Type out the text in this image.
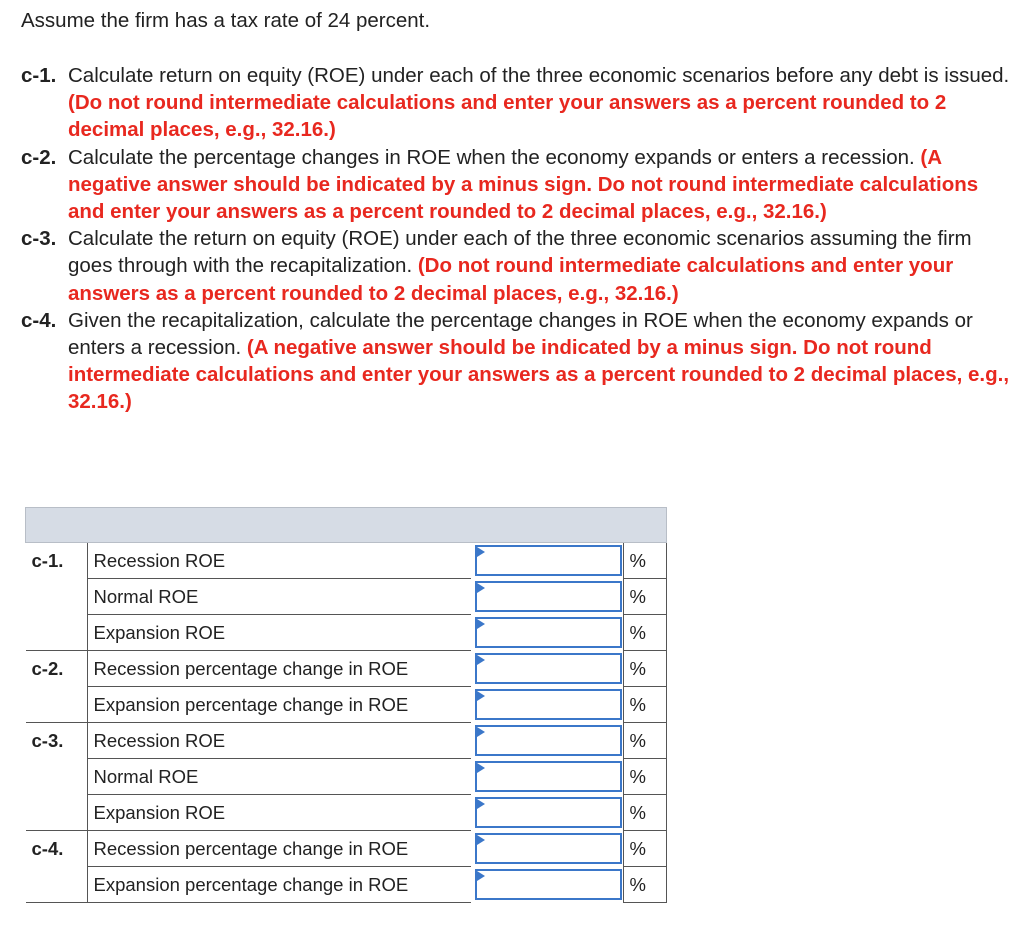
Assume the firm has a tax rate of 24 percent.
c-1. Calculate return on equity (ROE) under each of the three economic scenarios before any debt is issued. (Do not round intermediate calculations and enter your answers as a percent rounded to 2 decimal places, e.g., 32.16.)
c-2. Calculate the percentage changes in ROE when the economy expands or enters a recession. (A negative answer should be indicated by a minus sign. Do not round intermediate calculations and enter your answers as a percent rounded to 2 decimal places, e.g., 32.16.)
c-3. Calculate the return on equity (ROE) under each of the three economic scenarios assuming the firm goes through with the recapitalization. (Do not round intermediate calculations and enter your answers as a percent rounded to 2 decimal places, e.g., 32.16.)
c-4. Given the recapitalization, calculate the percentage changes in ROE when the economy expands or enters a recession. (A negative answer should be indicated by a minus sign. Do not round intermediate calculations and enter your answers as a percent rounded to 2 decimal places, e.g., 32.16.)

c-1.	Recession ROE		%
	Normal ROE		%
	Expansion ROE		%
c-2.	Recession percentage change in ROE		%
	Expansion percentage change in ROE		%
c-3.	Recession ROE		%
	Normal ROE		%
	Expansion ROE		%
c-4.	Recession percentage change in ROE		%
	Expansion percentage change in ROE		%
